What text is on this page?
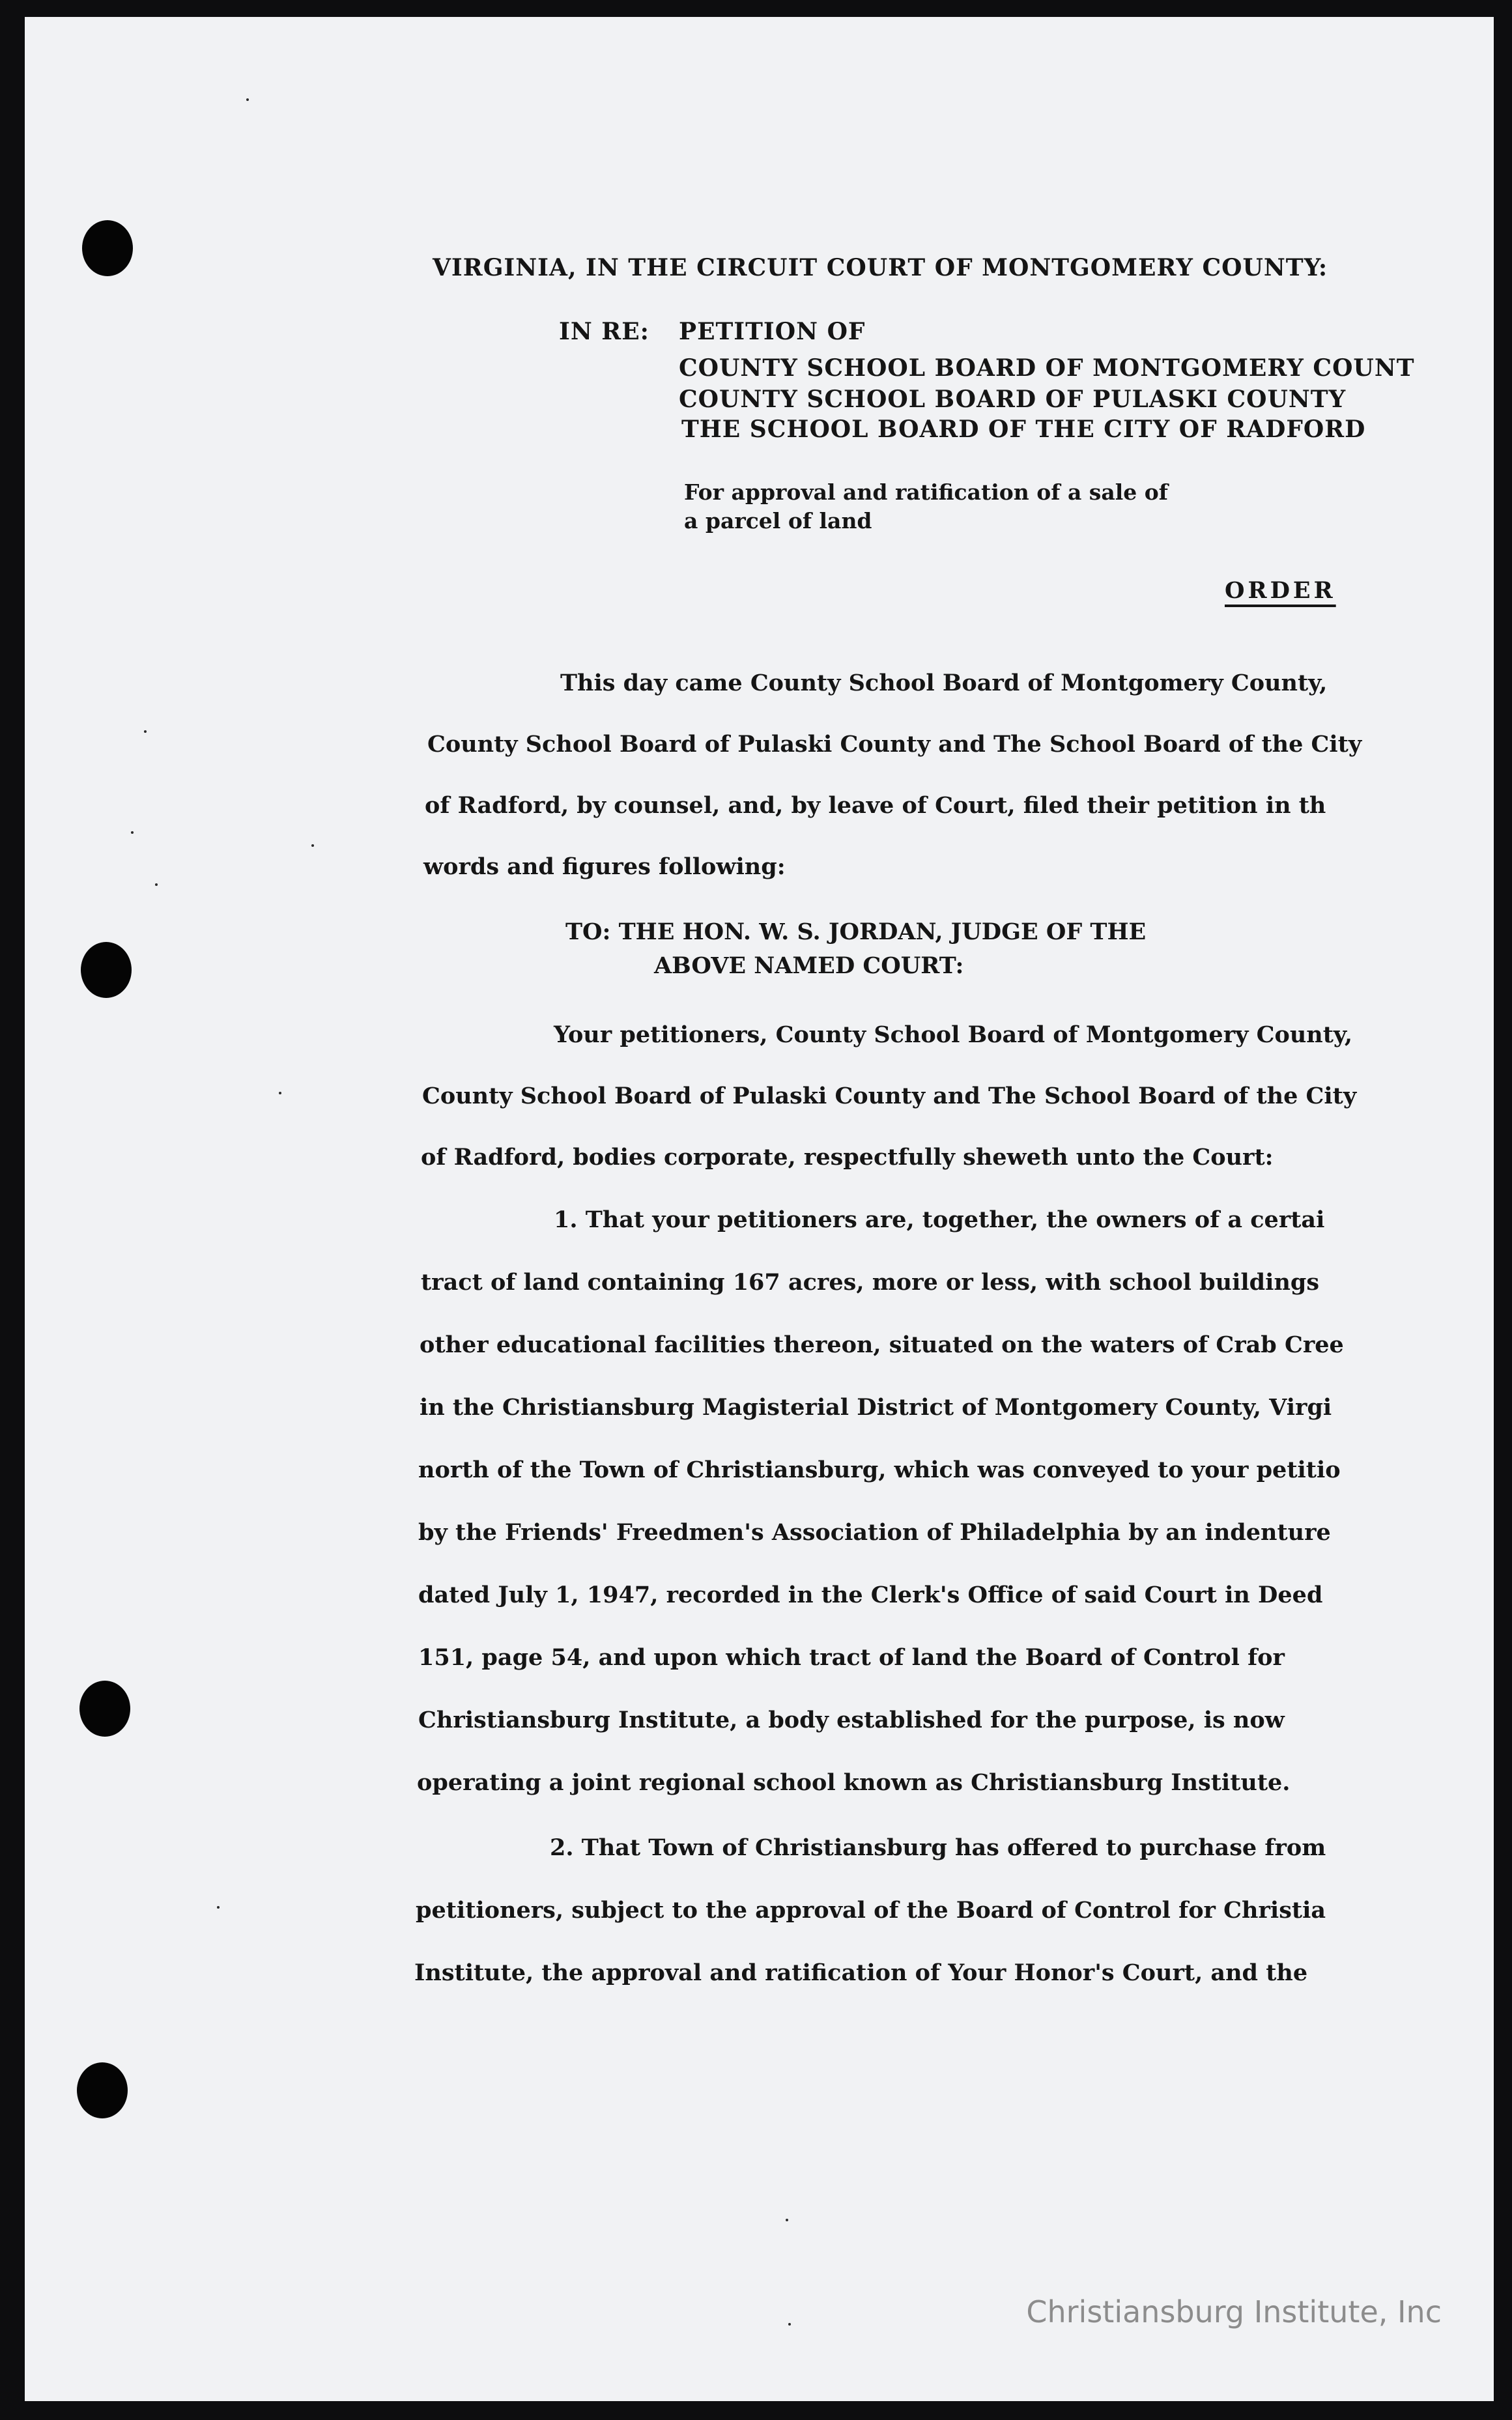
VIRGINIA, IN THE CIRCUIT COURT OF MONTGOMERY COUNTY:

IN RE: PETITION OF

COUNTY SCHOOL BOARD OF MONTGOMERY COUNT

COUNTY SCHOOL BOARD OF PULASKI COUNTY

THE SCHOOL BOARD OF THE CITY OF RADFORD

For approval and ratification of a sale of

a parcel of land

ORDER

This day came County School Board of Montgomery County,

County School Board of Pulaski County and The School Board of the City

of Radford, by counsel, and, by leave of Court, filed their petition in th

words and figures following:

TO: THE HON. W. S. JORDAN, JUDGE OF THE

ABOVE NAMED COURT:

Your petitioners, County School Board of Montgomery County,

County School Board of Pulaski County and The School Board of the City

of Radford, bodies corporate, respectfully sheweth unto the Court:

1. That your petitioners are, together, the owners of a certai

tract of land containing 167 acres, more or less, with school buildings

other educational facilities thereon, situated on the waters of Crab Cree

in the Christiansburg Magisterial District of Montgomery County, Virgi

north of the Town of Christiansburg, which was conveyed to your petitio

by the Friends' Freedmen's Association of Philadelphia by an indenture

dated July 1, 1947, recorded in the Clerk's Office of said Court in Deed

151, page 54, and upon which tract of land the Board of Control for

Christiansburg Institute, a body established for the purpose, is now

operating a joint regional school known as Christiansburg Institute.

2. That Town of Christiansburg has offered to purchase from

petitioners, subject to the approval of the Board of Control for Christia

Institute, the approval and ratification of Your Honor's Court, and the

Christiansburg Institute, Inc
